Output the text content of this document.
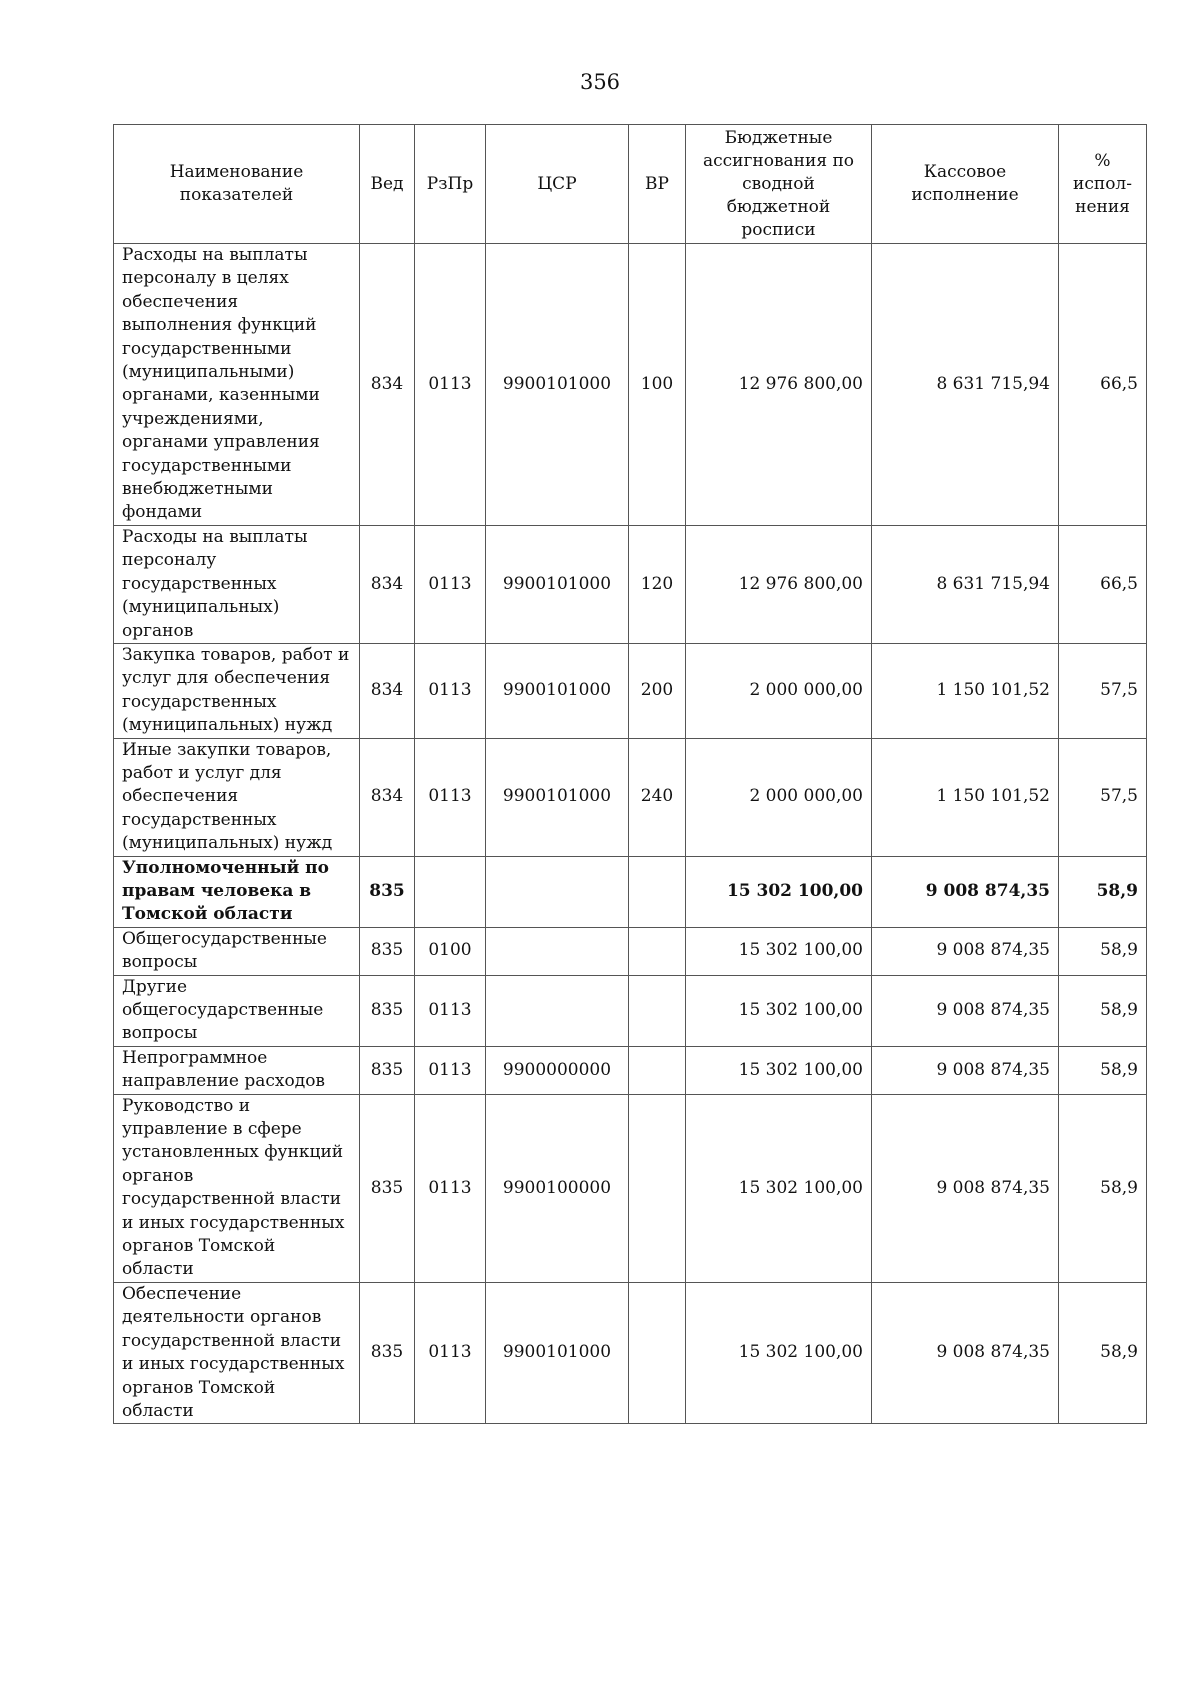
356
Наименование показателей	Вед	РзПр	ЦСР	ВР	Бюджетные ассигнования по сводной бюджетной росписи	Кассовое исполнение	% испол-нения
Расходы на выплаты персоналу в целях обеспечения выполнения функций государственными (муниципальными) органами, казенными учреждениями, органами управления государственными внебюджетными фондами	834	0113	9900101000	100	12 976 800,00	8 631 715,94	66,5
Расходы на выплаты персоналу государственных (муниципальных) органов	834	0113	9900101000	120	12 976 800,00	8 631 715,94	66,5
Закупка товаров, работ и услуг для обеспечения государственных (муниципальных) нужд	834	0113	9900101000	200	2 000 000,00	1 150 101,52	57,5
Иные закупки товаров, работ и услуг для обеспечения государственных (муниципальных) нужд	834	0113	9900101000	240	2 000 000,00	1 150 101,52	57,5
Уполномоченный по правам человека в Томской области	835				15 302 100,00	9 008 874,35	58,9
Общегосударственные вопросы	835	0100			15 302 100,00	9 008 874,35	58,9
Другие общегосударственные вопросы	835	0113			15 302 100,00	9 008 874,35	58,9
Непрограммное направление расходов	835	0113	9900000000		15 302 100,00	9 008 874,35	58,9
Руководство и управление в сфере установленных функций органов государственной власти и иных государственных органов Томской области	835	0113	9900100000		15 302 100,00	9 008 874,35	58,9
Обеспечение деятельности органов государственной власти и иных государственных органов Томской области	835	0113	9900101000		15 302 100,00	9 008 874,35	58,9
